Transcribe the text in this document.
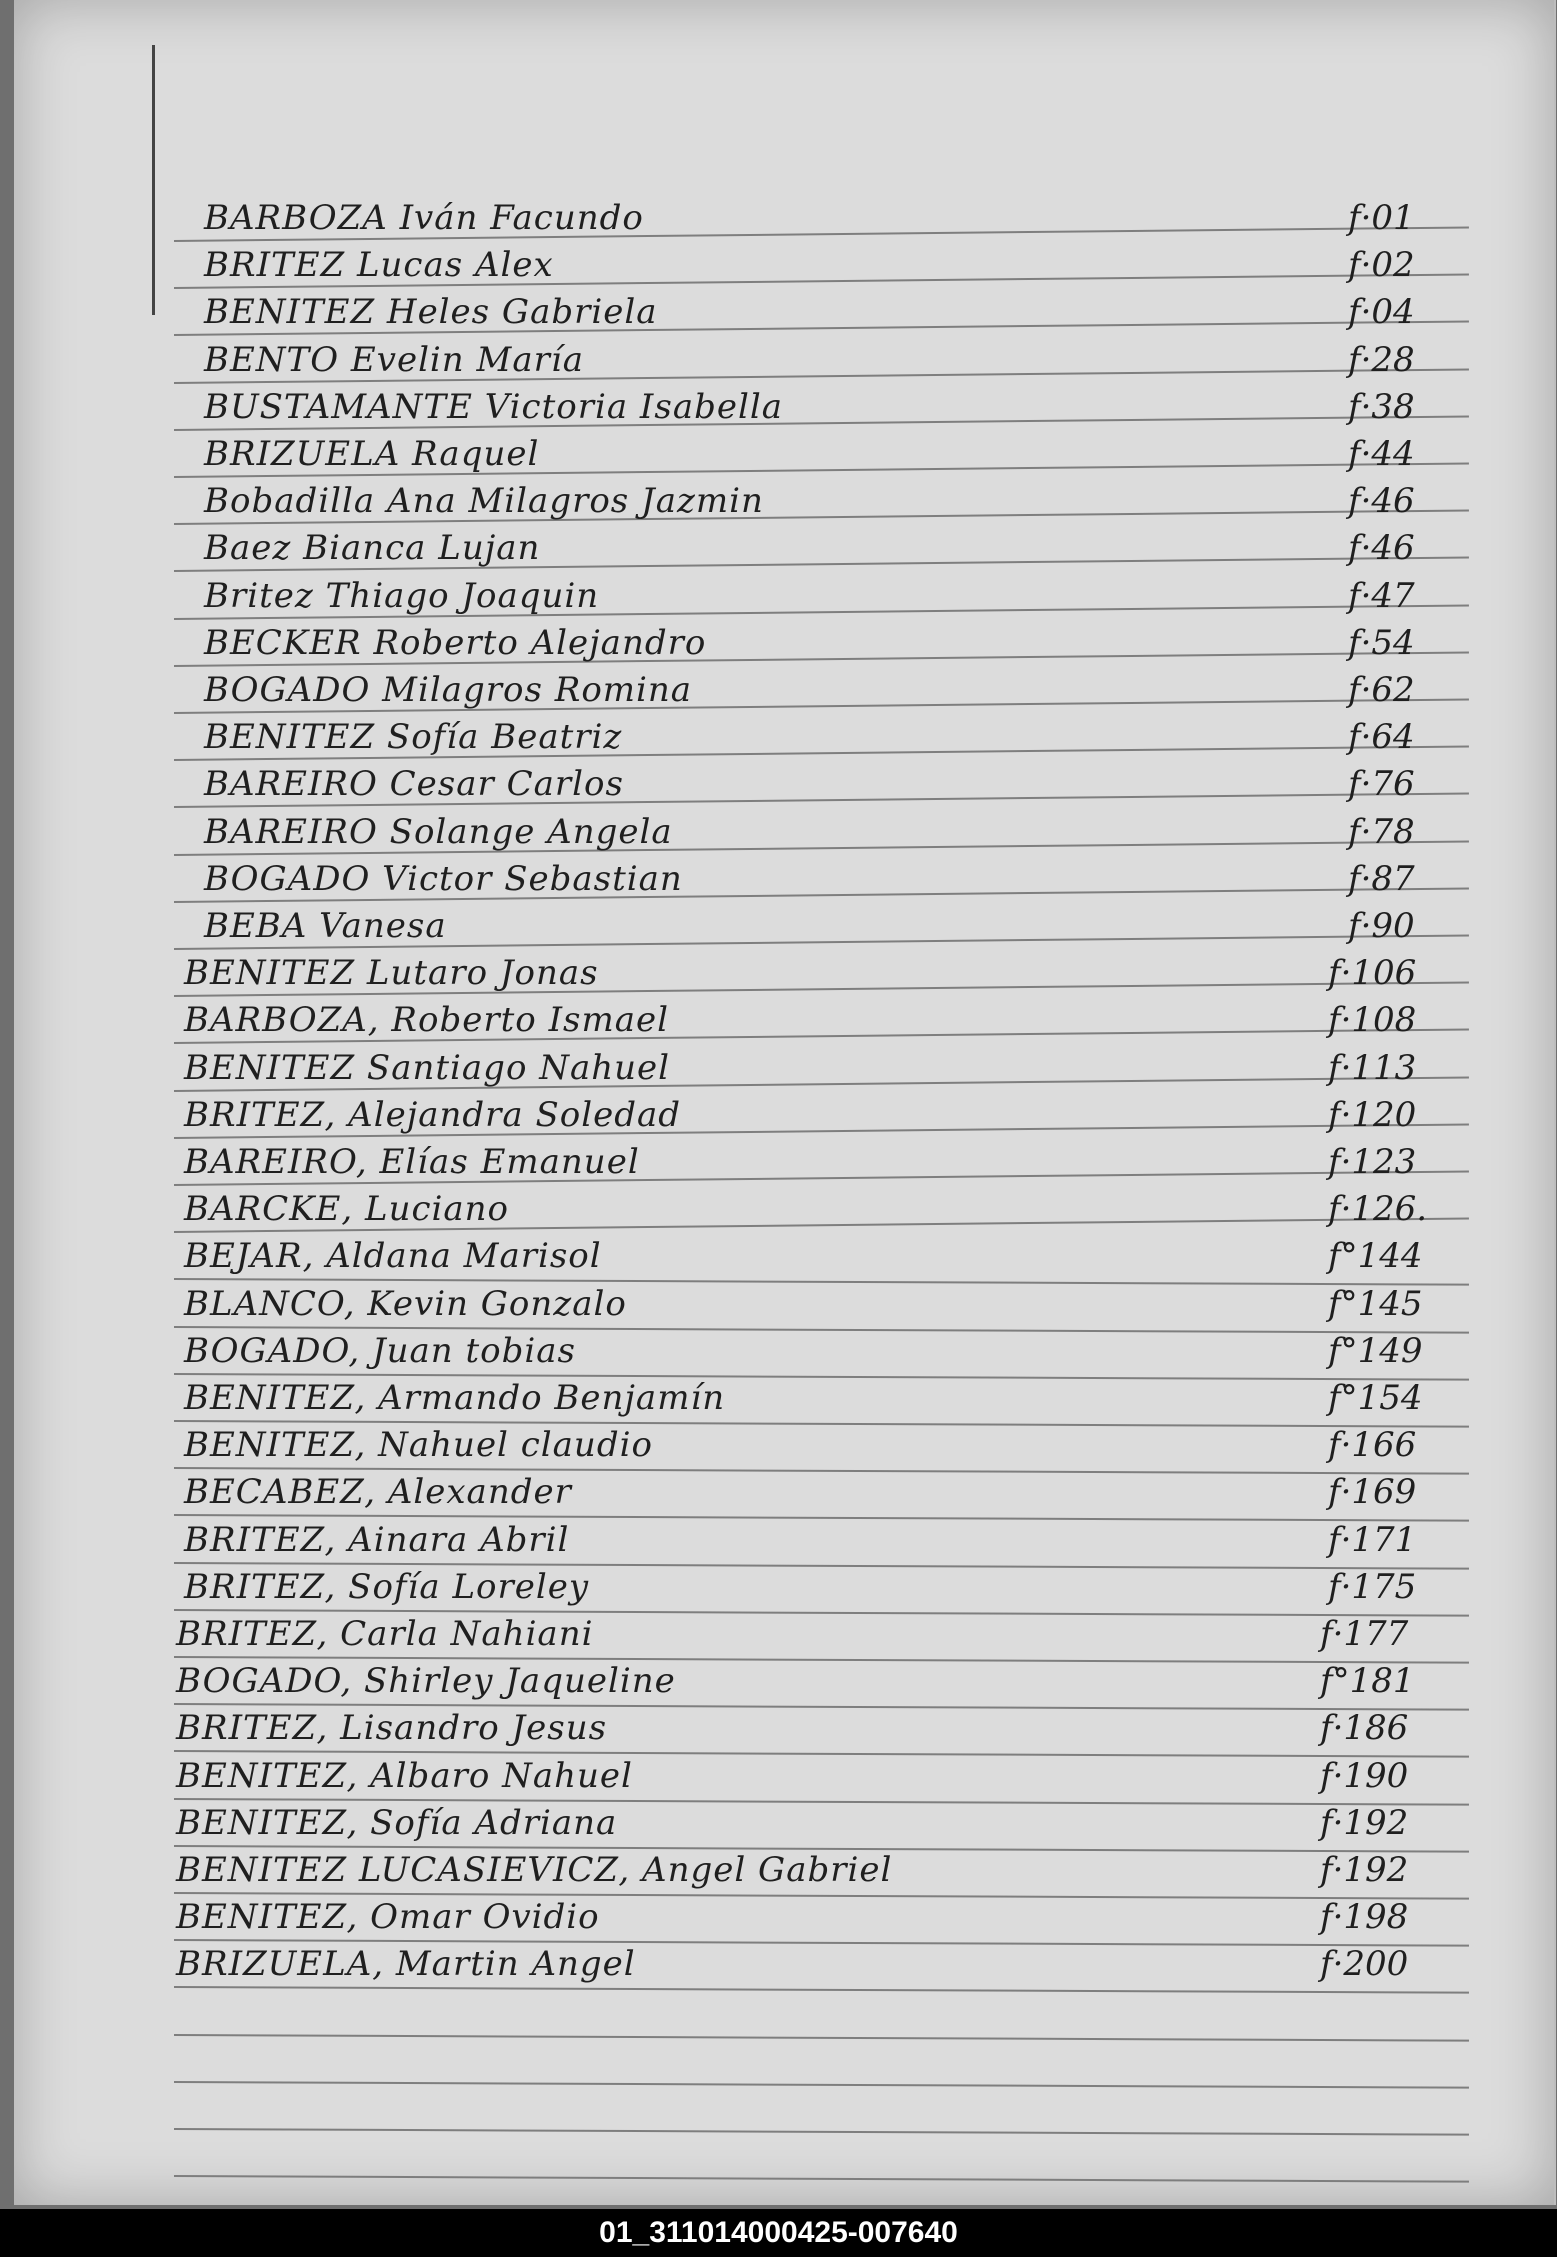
BARBOZA Iván Facundo	f·01
BRITEZ Lucas Alex	f·02
BENITEZ Heles Gabriela	f·04
BENTO Evelin María	f·28
BUSTAMANTE Victoria Isabella	f·38
BRIZUELA Raquel	f·44
Bobadilla Ana Milagros Jazmin	f·46
Baez Bianca Lujan	f·46
Britez Thiago Joaquin	f·47
BECKER Roberto Alejandro	f·54
BOGADO Milagros Romina	f·62
BENITEZ Sofía Beatriz	f·64
BAREIRO Cesar Carlos	f·76
BAREIRO Solange Angela	f·78
BOGADO Victor Sebastian	f·87
BEBA Vanesa	f·90
BENITEZ Lutaro Jonas	f·106
BARBOZA, Roberto Ismael	f·108
BENITEZ Santiago Nahuel	f·113
BRITEZ, Alejandra Soledad	f·120
BAREIRO, Elías Emanuel	f·123
BARCKE, Luciano	f·126.
BEJAR, Aldana Marisol	f°144
BLANCO, Kevin Gonzalo	f°145
BOGADO, Juan tobias	f°149
BENITEZ, Armando Benjamín	f°154
BENITEZ, Nahuel claudio	f·166
BECABEZ, Alexander	f·169
BRITEZ, Ainara Abril	f·171
BRITEZ, Sofía Loreley	f·175
BRITEZ, Carla Nahiani	f·177
BOGADO, Shirley Jaqueline	f°181
BRITEZ, Lisandro Jesus	f·186
BENITEZ, Albaro Nahuel	f·190
BENITEZ, Sofía Adriana	f·192
BENITEZ LUCASIEVICZ, Angel Gabriel	f·192
BENITEZ, Omar Ovidio	f·198
BRIZUELA, Martin Angel	f·200
01_311014000425-007640
